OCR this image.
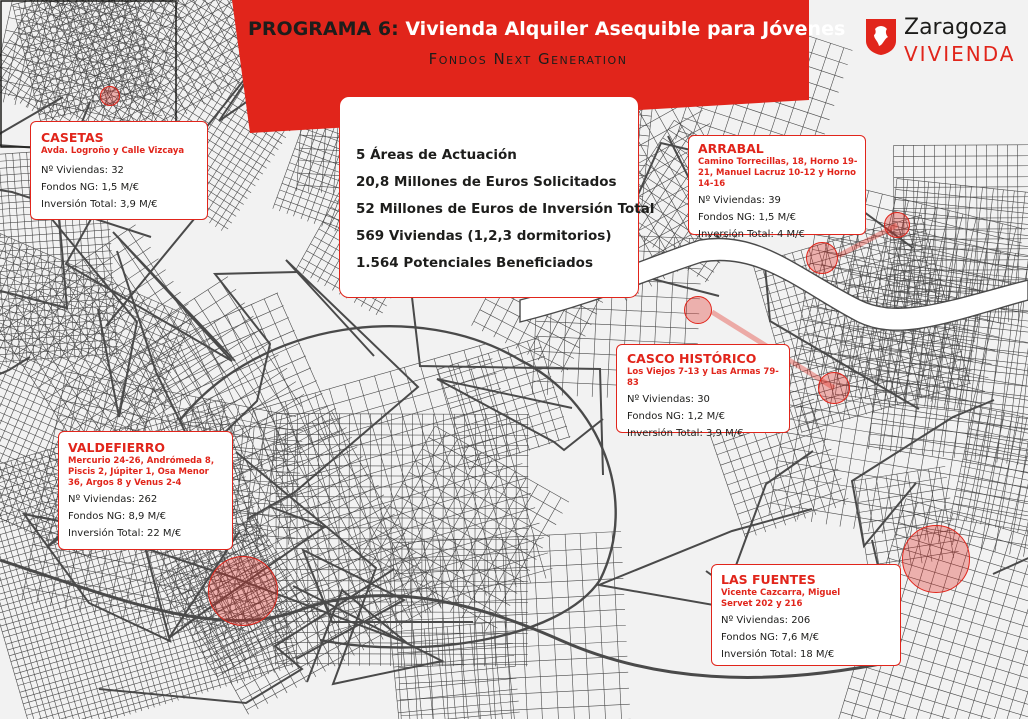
PROGRAMA 6: Vivienda Alquiler Asequible para Jóvenes
Fondos Next Generation
Zaragoza
VIVIENDA
5 Áreas de Actuación
20,8 Millones de Euros Solicitados
52 Millones de Euros de Inversión Total
569 Viviendas (1,2,3 dormitorios)
1.564 Potenciales Beneficiados
CASETAS
Avda. Logroño y Calle Vizcaya
Nº Viviendas: 32
Fondos NG: 1,5 M/€
Inversión Total: 3,9 M/€
ARRABAL
Camino Torrecillas, 18, Horno 19-21, Manuel Lacruz 10-12 y Horno 14-16
Nº Viviendas: 39
Fondos NG: 1,5 M/€
Inversión Total: 4 M/€
CASCO HISTÓRICO
Los Viejos 7-13 y Las Armas 79-83
Nº Viviendas: 30
Fondos NG: 1,2 M/€
Inversión Total: 3,9 M/€
VALDEFIERRO
Mercurio 24-26, Andrómeda 8, Piscis 2, Júpiter 1, Osa Menor 36, Argos 8 y Venus 2-4
Nº Viviendas: 262
Fondos NG: 8,9 M/€
Inversión Total: 22 M/€
LAS FUENTES
Vicente Cazcarra, Miguel Servet 202 y 216
Nº Viviendas: 206
Fondos NG: 7,6 M/€
Inversión Total: 18 M/€
